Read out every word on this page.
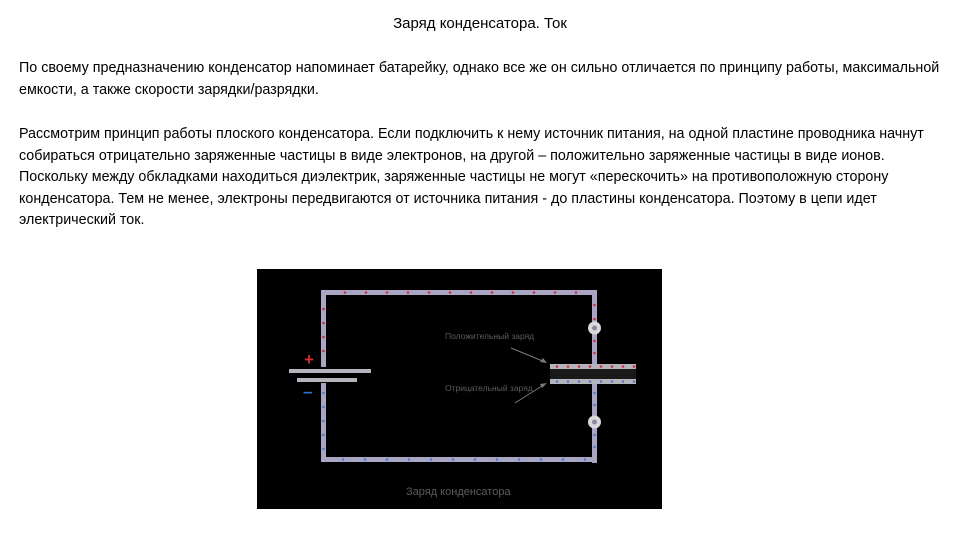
Заряд конденсатора. Ток

По своему предназначению конденсатор напоминает батарейку, однако все же он сильно отличается по принципу работы, максимальной емкости, а также скорости зарядки/разрядки.

Рассмотрим принцип работы плоского конденсатора. Если подключить к нему источник питания, на одной пластине проводника начнут собираться отрицательно заряженные частицы в виде электронов, на другой – положительно заряженные частицы в виде ионов. Поскольку между обкладками находиться диэлектрик, заряженные частицы не могут «перескочить» на противоположную сторону конденсатора. Тем не менее, электроны передвигаются от источника питания - до пластины конденсатора. Поэтому в цепи идет электрический ток.

+
–
Положительный заряд
Отрицательный заряд
Заряд конденсатора
